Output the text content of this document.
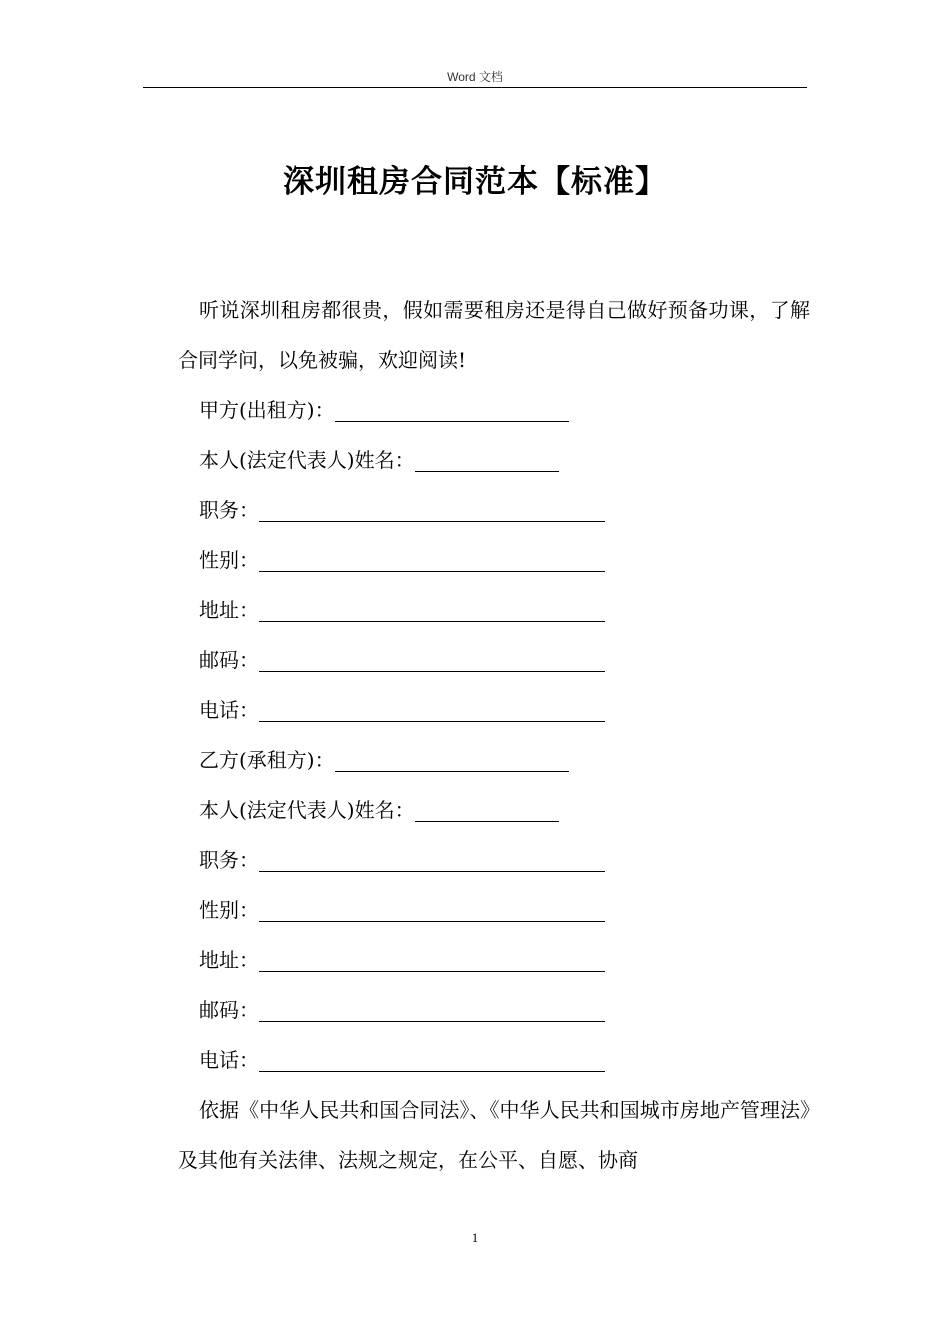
Word 文档
深圳租房合同范本【标准】

听说深圳租房都很贵，假如需要租房还是得自己做好预备功课，了解合同学问，以免被骗，欢迎阅读!

甲方(出租方)：

本人(法定代表人)姓名：

职务：

性别：

地址：

邮码：

电话：

乙方(承租方)：

本人(法定代表人)姓名：

职务：

性别：

地址：

邮码：

电话：

依据《中华人民共和国合同法》、《中华人民共和国城市房地产管理法》及其他有关法律、法规之规定，在公平、自愿、协商

1
